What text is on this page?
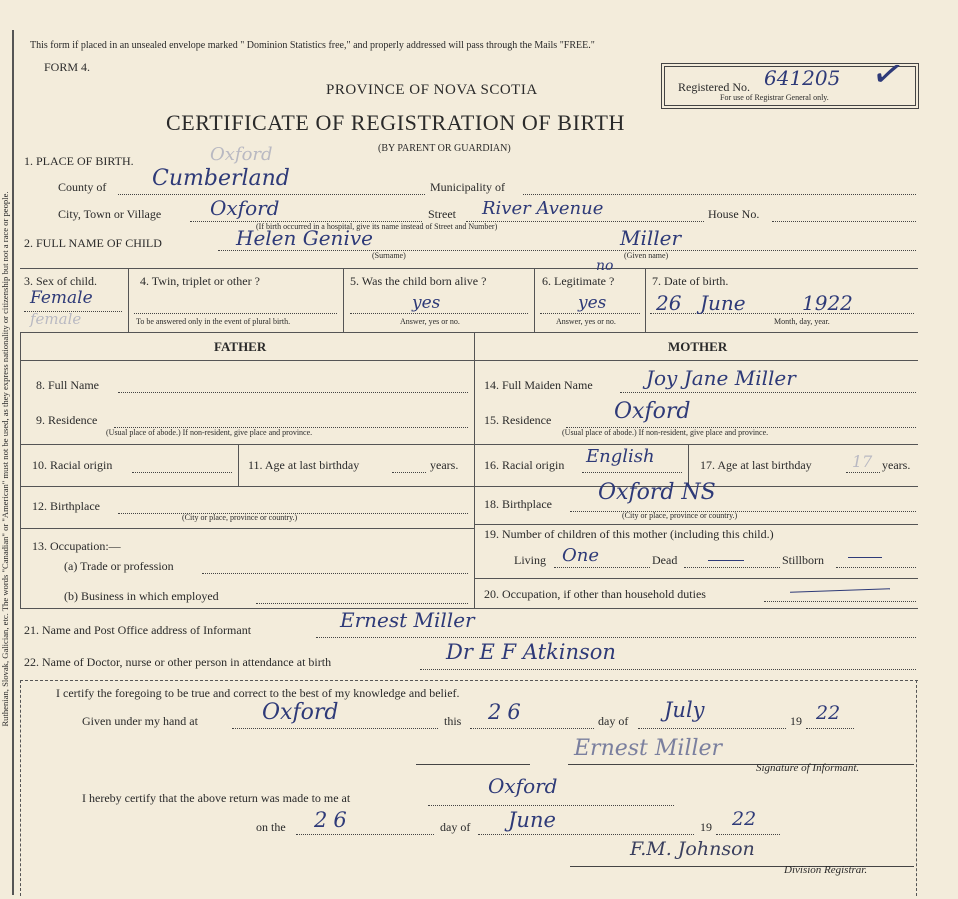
Ruthenian, Slovak, Galician, etc. The words "Canadian" or "American" must not be used, as they express nationality or citizenship but not a race or people.
This form if placed in an unsealed envelope marked " Dominion Statistics free," and properly addressed will pass through the Mails "FREE."
FORM 4.
PROVINCE OF NOVA SCOTIA
CERTIFICATE OF REGISTRATION OF BIRTH
(BY PARENT OR GUARDIAN)
Registered No. 641205 ✓
For use of Registrar General only.
1. PLACE OF BIRTH.	Oxford
County of Cumberland	Municipality of
City, Town or Village Oxford	Street River Avenue	House No.
(If birth occurred in a hospital, give its name instead of Street and Number)
2. FULL NAME OF CHILD	Helen Genive	Miller
(Surname)	(Given name)
3. Sex of child.
Female
female
4. Twin, triplet or other ?
To be answered only in the event of plural birth.
5. Was the child born alive ?
yes
Answer, yes or no.
6. Legitimate ?
no
yes
Answer, yes or no.
7. Date of birth.
26 June	1922
Month, day, year.
FATHER	MOTHER
8. Full Name
9. Residence
(Usual place of abode.) If non-resident, give place and province.
10. Racial origin	11. Age at last birthday	years.
12. Birthplace
(City or place, province or country.)
13. Occupation:—
(a) Trade or profession
(b) Business in which employed
14. Full Maiden Name	Joy Jane Miller
15. Residence	Oxford
(Usual place of abode.) If non-resident, give place and province.
16. Racial origin English	17. Age at last birthday	17 years.
18. Birthplace Oxford NS
(City or place, province or country.)
19. Number of children of this mother (including this child.)
Living One	Dead	Stillborn
20. Occupation, if other than household duties
21. Name and Post Office address of Informant	Ernest Miller
22. Name of Doctor, nurse or other person in attendance at birth	Dr E F Atkinson
I certify the foregoing to be true and correct to the best of my knowledge and belief.
Given under my hand at	Oxford	this 26	day of July	19 22
Ernest Miller
Signature of Informant.
I hereby certify that the above return was made to me at	Oxford
on the 26	day of June	19 22
F.M. Johnson
Division Registrar.
